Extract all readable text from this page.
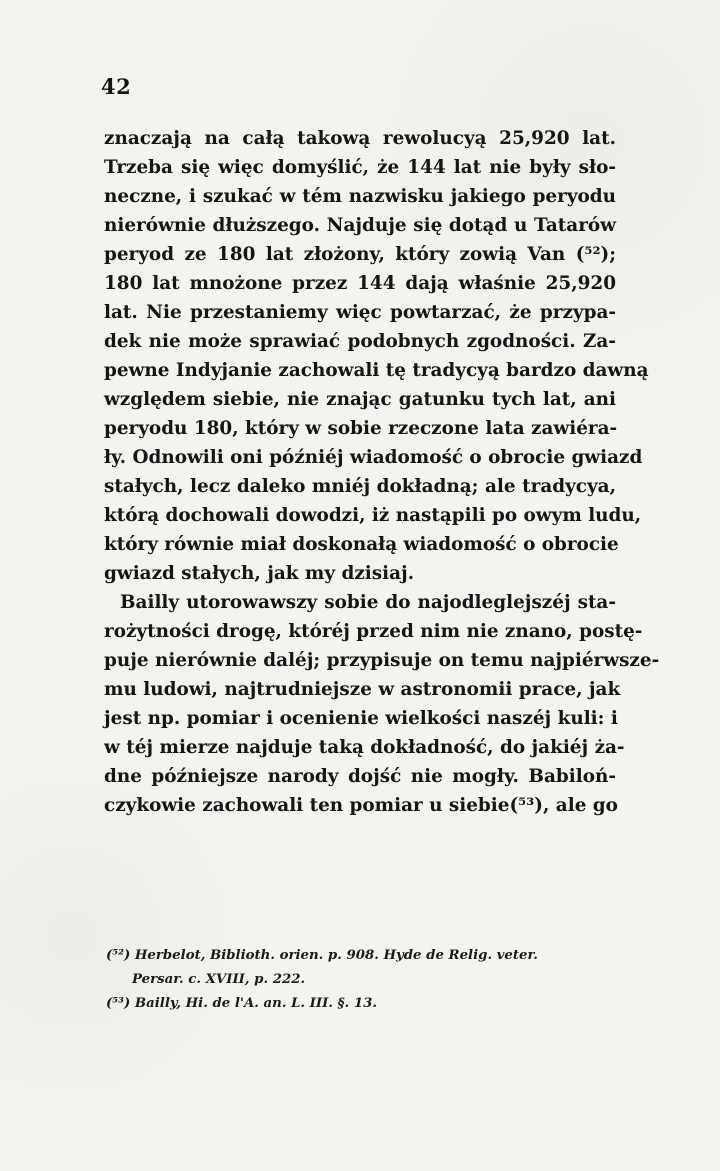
42
znaczają na całą takową rewolucyą 25,920 lat.
Trzeba się więc domyślić, że 144 lat nie były sło-
neczne, i szukać w tém nazwisku jakiego peryodu
nierównie dłuższego. Najduje się dotąd u Tatarów
peryod ze 180 lat złożony, który zowią Van (⁵²);
180 lat mnożone przez 144 dają właśnie 25,920
lat. Nie przestaniemy więc powtarzać, że przypa-
dek nie może sprawiać podobnych zgodności. Za-
pewne Indyjanie zachowali tę tradycyą bardzo dawną
względem siebie, nie znając gatunku tych lat, ani
peryodu 180, który w sobie rzeczone lata zawiéra-
ły. Odnowili oni późniéj wiadomość o obrocie gwiazd
stałych, lecz daleko mniéj dokładną; ale tradycya,
którą dochowali dowodzi, iż nastąpili po owym ludu,
który równie miał doskonałą wiadomość o obrocie
gwiazd stałych, jak my dzisiaj.
Bailly utorowawszy sobie do najodleglejszéj sta-
rożytności drogę, któréj przed nim nie znano, postę-
puje nierównie daléj; przypisuje on temu najpiérwsze-
mu ludowi, najtrudniejsze w astronomii prace, jak
jest np. pomiar i ocenienie wielkości naszéj kuli: i
w téj mierze najduje taką dokładność, do jakiéj ża-
dne późniejsze narody dojść nie mogły. Babiloń-
czykowie zachowali ten pomiar u siebie(⁵³), ale go
(⁵²) Herbelot, Biblioth. orien. p. 908. Hyde de Relig. veter.
Persar. c. XVIII, p. 222.
(⁵³) Bailly, Hi. de l'A. an. L. III. §. 13.
